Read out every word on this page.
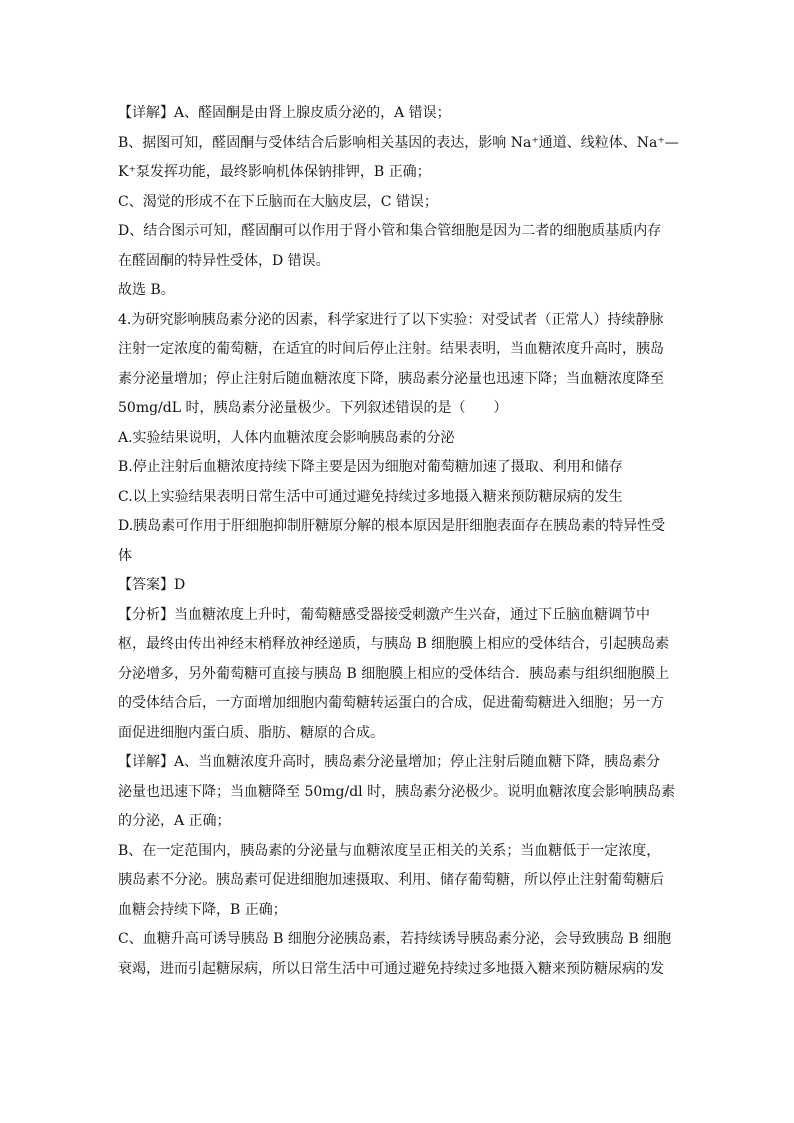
【详解】A、醛固酮是由肾上腺皮质分泌的，A 错误；

B、据图可知，醛固酮与受体结合后影响相关基因的表达，影响 Na⁺通道、线粒体、Na⁺—

K⁺泵发挥功能，最终影响机体保钠排钾，B 正确；

C、渴觉的形成不在下丘脑而在大脑皮层，C 错误；

D、结合图示可知，醛固酮可以作用于肾小管和集合管细胞是因为二者的细胞质基质内存

在醛固酮的特异性受体，D 错误。

故选 B。

4.为研究影响胰岛素分泌的因素，科学家进行了以下实验：对受试者（正常人）持续静脉

注射一定浓度的葡萄糖，在适宜的时间后停止注射。结果表明，当血糖浓度升高时，胰岛

素分泌量增加；停止注射后随血糖浓度下降，胰岛素分泌量也迅速下降；当血糖浓度降至

50mg/dL 时，胰岛素分泌量极少。下列叙述错误的是（　　）

A.实验结果说明，人体内血糖浓度会影响胰岛素的分泌

B.停止注射后血糖浓度持续下降主要是因为细胞对葡萄糖加速了摄取、利用和储存

C.以上实验结果表明日常生活中可通过避免持续过多地摄入糖来预防糖尿病的发生

D.胰岛素可作用于肝细胞抑制肝糖原分解的根本原因是肝细胞表面存在胰岛素的特异性受

体

【答案】D

【分析】当血糖浓度上升时，葡萄糖感受器接受刺激产生兴奋，通过下丘脑血糖调节中

枢，最终由传出神经末梢释放神经递质，与胰岛 B 细胞膜上相应的受体结合，引起胰岛素

分泌增多，另外葡萄糖可直接与胰岛 B 细胞膜上相应的受体结合．胰岛素与组织细胞膜上

的受体结合后，一方面增加细胞内葡萄糖转运蛋白的合成，促进葡萄糖进入细胞；另一方

面促进细胞内蛋白质、脂肪、糖原的合成。

【详解】A、当血糖浓度升高时，胰岛素分泌量增加；停止注射后随血糖下降，胰岛素分

泌量也迅速下降；当血糖降至 50mg/dl 时，胰岛素分泌极少。说明血糖浓度会影响胰岛素

的分泌，A 正确；

B、在一定范围内，胰岛素的分泌量与血糖浓度呈正相关的关系；当血糖低于一定浓度，

胰岛素不分泌。胰岛素可促进细胞加速摄取、利用、储存葡萄糖，所以停止注射葡萄糖后

血糖会持续下降，B 正确；

C、血糖升高可诱导胰岛 B 细胞分泌胰岛素，若持续诱导胰岛素分泌，会导致胰岛 B 细胞

衰竭，进而引起糖尿病，所以日常生活中可通过避免持续过多地摄入糖来预防糖尿病的发
